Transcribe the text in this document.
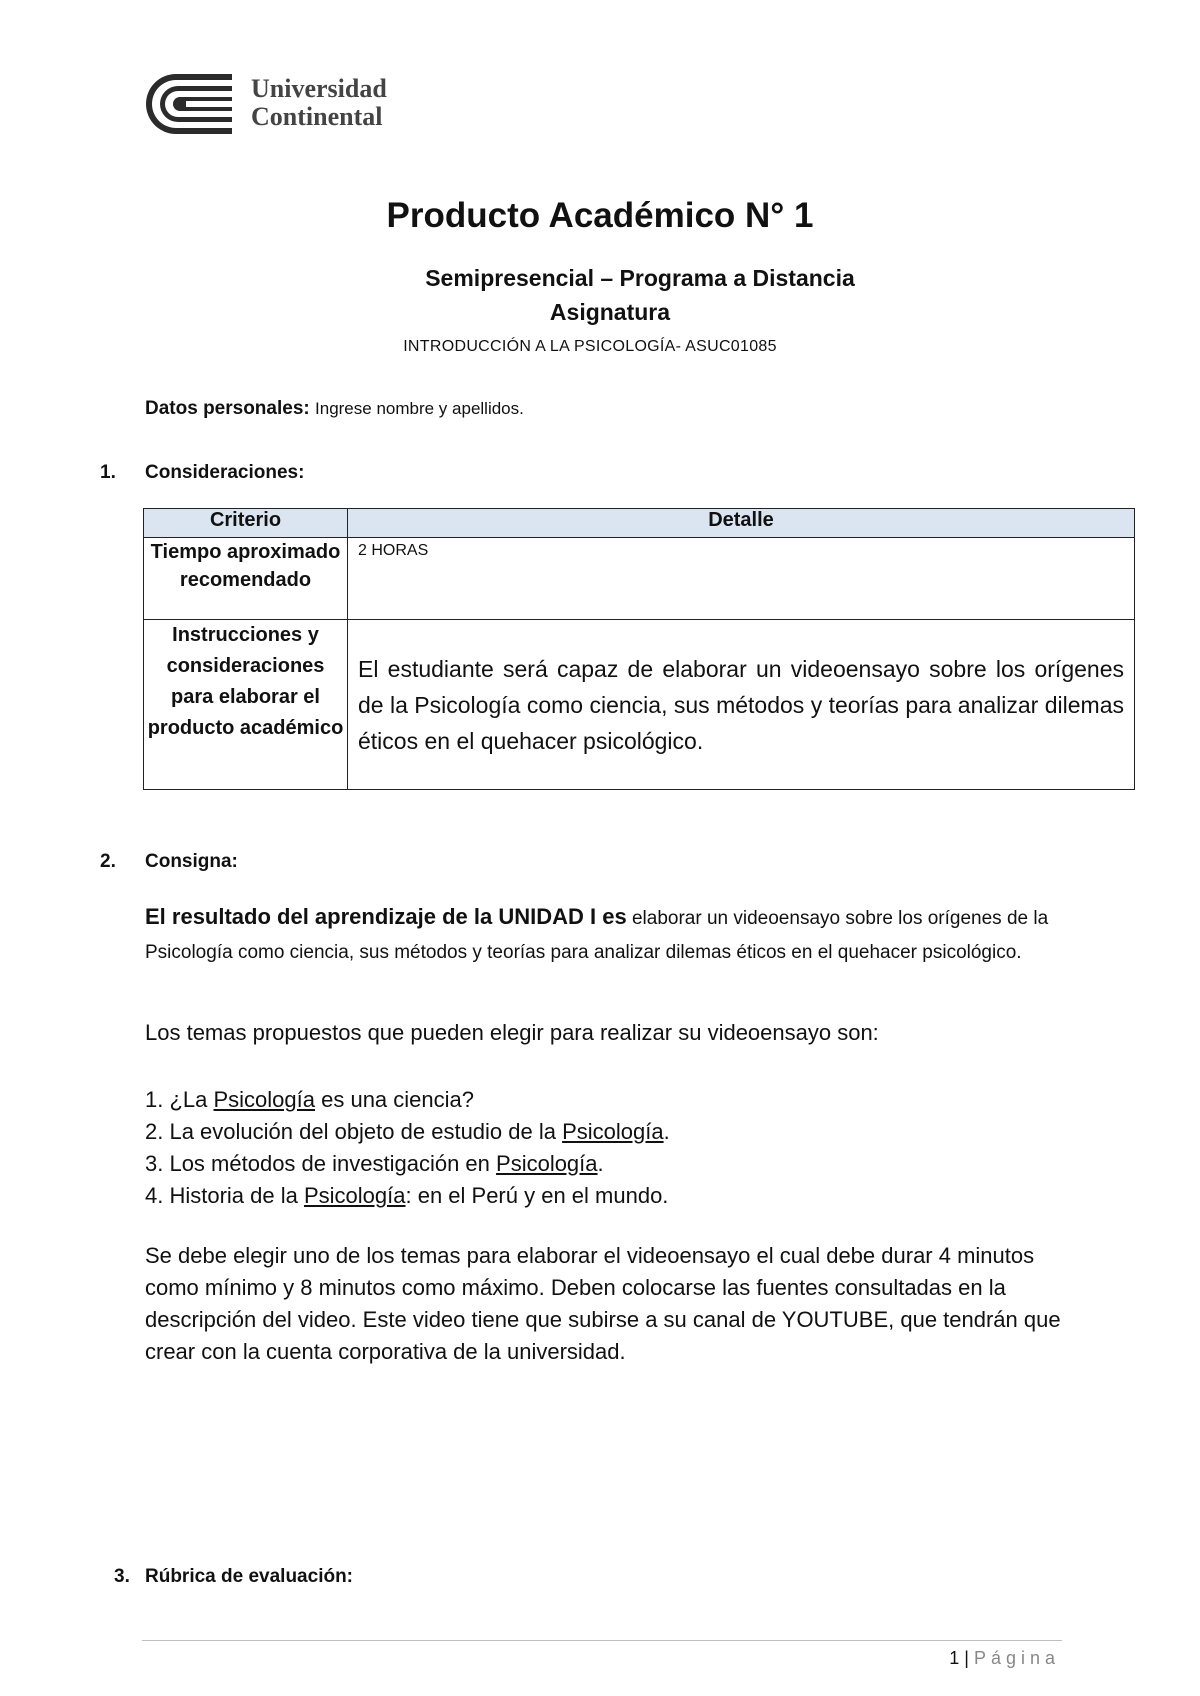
Universidad
Continental
Producto Académico N° 1
Semipresencial – Programa a Distancia
Asignatura
INTRODUCCIÓN A LA PSICOLOGÍA- ASUC01085
Datos personales: Ingrese nombre y apellidos.
1. Consideraciones:
Criterio	Detalle
Tiempo aproximado recomendado	2 HORAS
Instrucciones y consideraciones para elaborar el producto académico	El estudiante será capaz de elaborar un videoensayo sobre los orígenes de la Psicología como ciencia, sus métodos y teorías para analizar dilemas éticos en el quehacer psicológico.
2. Consigna:
El resultado del aprendizaje de la UNIDAD I es elaborar un videoensayo sobre los orígenes de la Psicología como ciencia, sus métodos y teorías para analizar dilemas éticos en el quehacer psicológico.
Los temas propuestos que pueden elegir para realizar su videoensayo son:
1. ¿La Psicología es una ciencia?
2. La evolución del objeto de estudio de la Psicología.
3. Los métodos de investigación en Psicología.
4. Historia de la Psicología: en el Perú y en el mundo.
Se debe elegir uno de los temas para elaborar el videoensayo el cual debe durar 4 minutos como mínimo y 8 minutos como máximo. Deben colocarse las fuentes consultadas en la descripción del video. Este video tiene que subirse a su canal de YOUTUBE, que tendrán que crear con la cuenta corporativa de la universidad.
3. Rúbrica de evaluación:
1 | Página
